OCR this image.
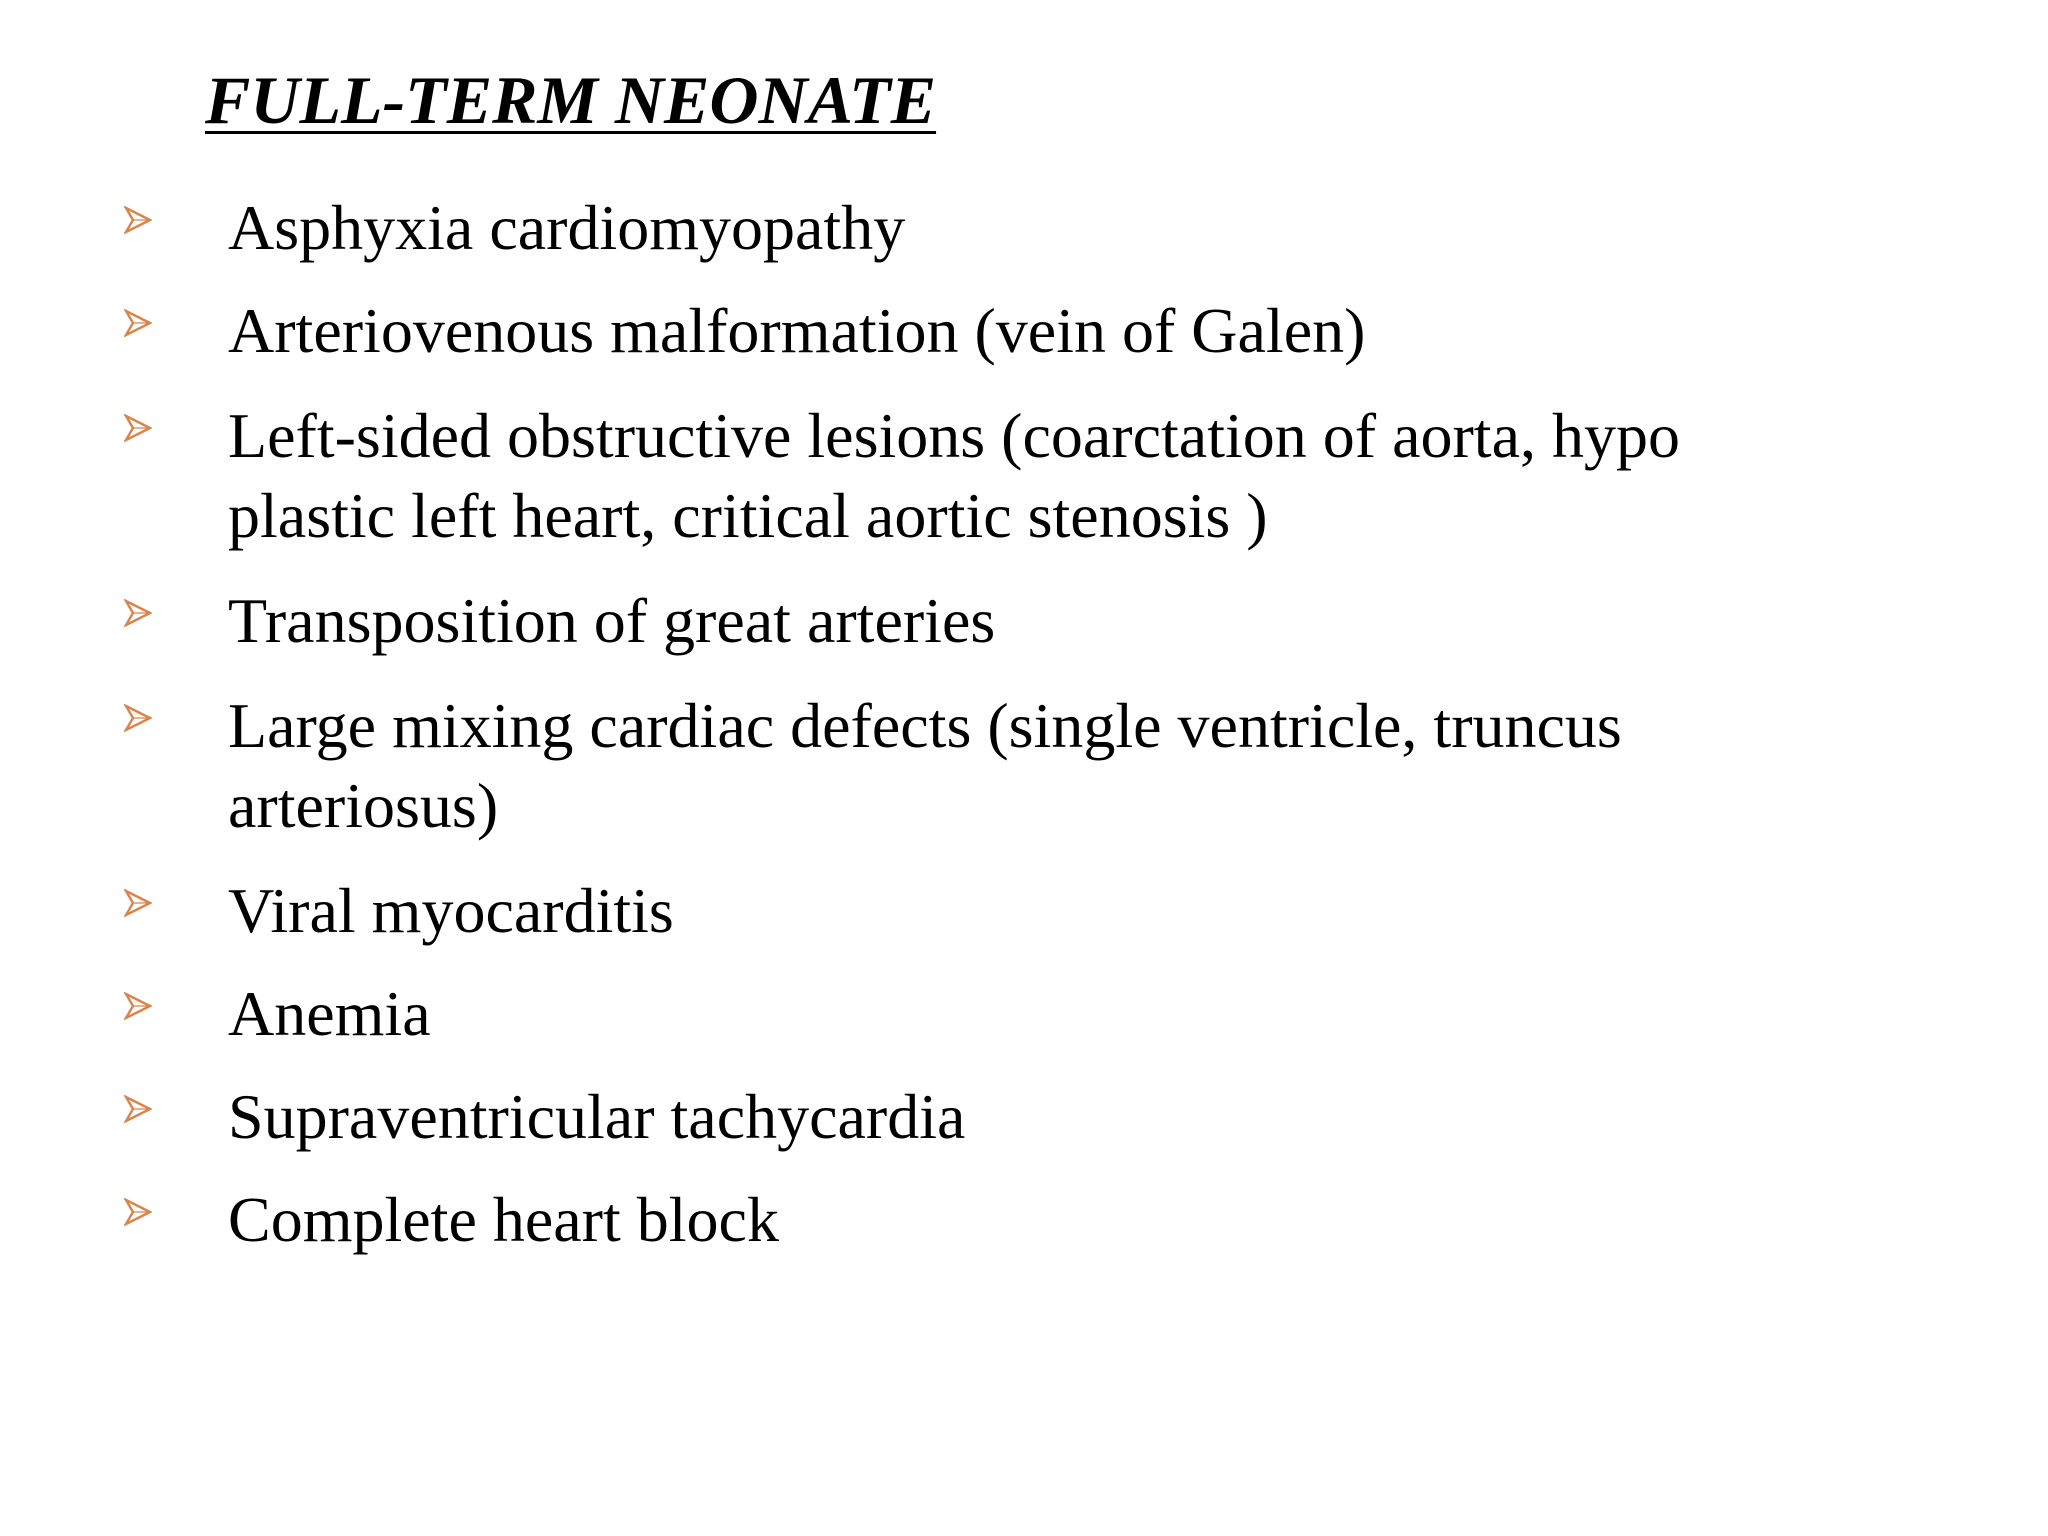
FULL-TERM NEONATE
Asphyxia cardiomyopathy
Arteriovenous malformation (vein of Galen)
Left-sided obstructive lesions (coarctation of aorta, hypo
plastic left heart, critical aortic stenosis )
Transposition of great arteries
Large mixing cardiac defects (single ventricle, truncus
arteriosus)
Viral myocarditis
Anemia
Supraventricular tachycardia
Complete heart block
